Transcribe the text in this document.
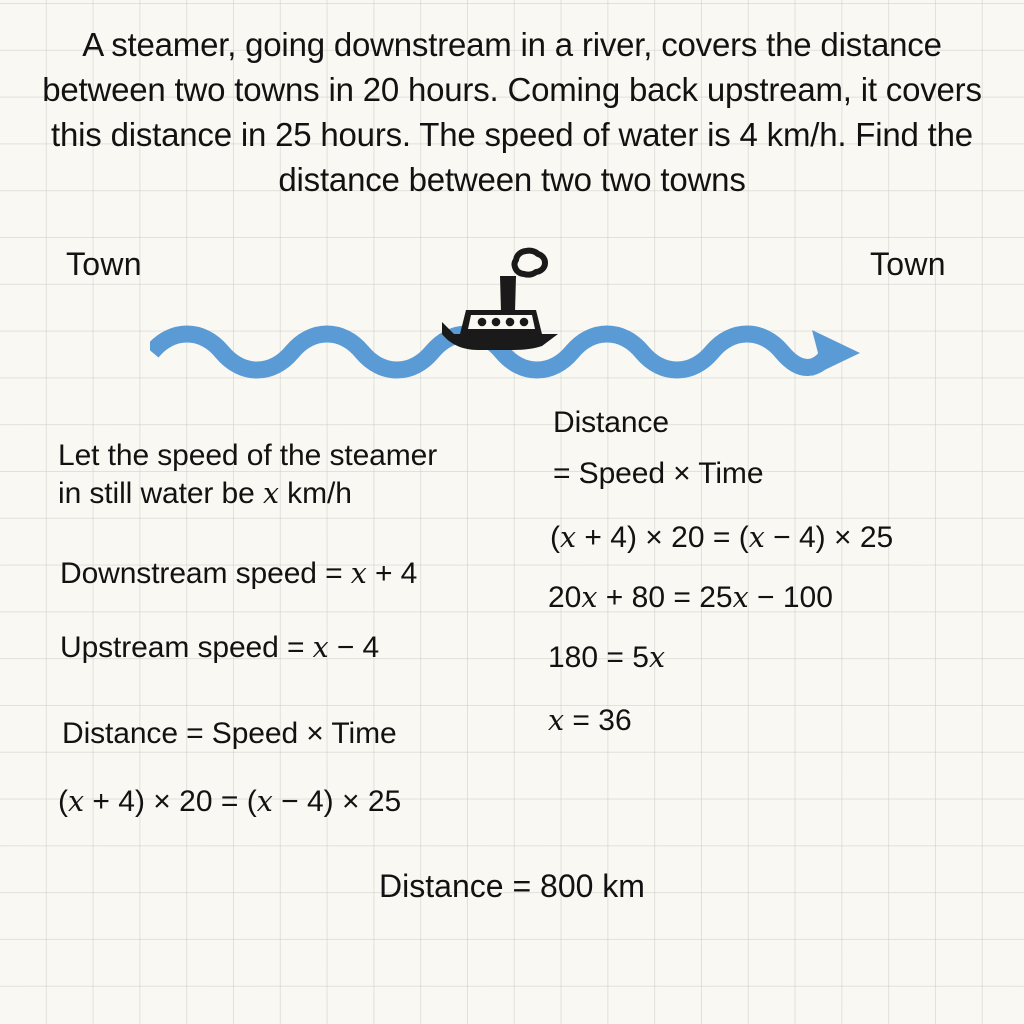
A steamer, going downstream in a river, covers the distance between two towns in 20 hours. Coming back upstream, it covers this distance in 25 hours. The speed of water is 4 km/h. Find the distance between two two towns
Town	Town
Let the speed of the steamer
in still water be x km/h
Downstream speed = x + 4
Upstream speed = x − 4
Distance = Speed × Time
(x + 4) × 20 = (x − 4) × 25
Distance
= Speed × Time
(x + 4) × 20 = (x − 4) × 25
20x + 80 = 25x − 100
180 = 5x
x = 36
Distance = 800 km
